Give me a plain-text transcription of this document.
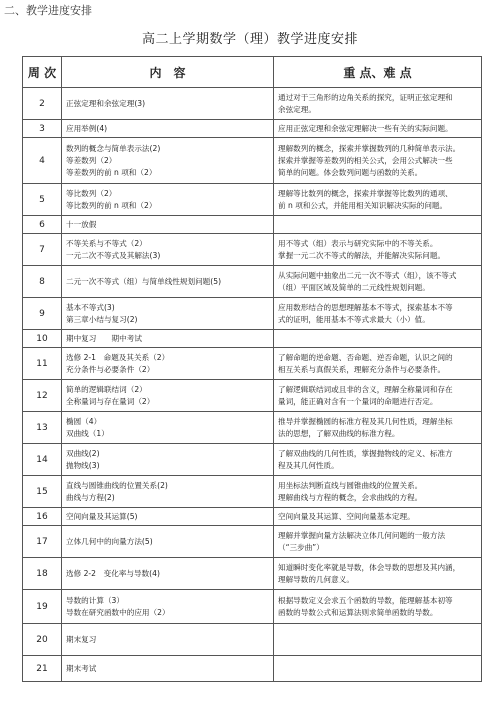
二、教学进度安排
高二上学期数学（理）教学进度安排
周 次	内　容	重 点、难 点
2	正弦定理和余弦定理(3)	通过对于三角形的边角关系的探究，证明正弦定理和
余弦定理。

3	应用举例(4)	应用正弦定理和余弦定理解决一些有关的实际问题。

4	数列的概念与简单表示法(2)
等差数列（2）
等差数列的前 n 项和（2）	理解数列的概念，探索并掌握数列的几种简单表示法。
探索并掌握等差数列的相关公式，会用公式解决一些
简单的问题。体会数列问题与函数的关系。

5	等比数列（2）
等比数列的前 n 项和（2）	理解等比数列的概念，探索并掌握等比数列的通项、
前 n 项和公式，并能用相关知识解决实际的问题。

6	十一放假	

7	不等关系与不等式（2）
一元二次不等式及其解法(3)	用不等式（组）表示与研究实际中的不等关系。
掌握一元二次不等式的解法，并能解决实际问题。

8	二元一次不等式（组）与简单线性规划问题(5)	从实际问题中抽象出二元一次不等式（组），该不等式
（组）平面区域及简单的二元线性规划问题。

9	基本不等式(3)
第三章小结与复习(2)	应用数形结合的思想理解基本不等式，探索基本不等
式的证明，能用基本不等式求最大（小）值。

10	期中复习　　期中考试	

11	选修 2-1　命题及其关系（2）
充分条件与必要条件（2）	了解命题的逆命题、否命题、逆否命题，认识之间的
相互关系与真假关系，理解充分条件与必要条件。

12	简单的逻辑联结词（2）
全称量词与存在量词（2）	了解逻辑联结词或且非的含义，理解全称量词和存在
量词，能正确对含有一个量词的命题进行否定。

13	椭圆（4）
双曲线（1）	推导并掌握椭圆的标准方程及其几何性质，理解坐标
法的思想，了解双曲线的标准方程。

14	双曲线(2)
抛物线(3)	了解双曲线的几何性质，掌握抛物线的定义、标准方
程及其几何性质。

15	直线与圆锥曲线的位置关系(2)
曲线与方程(2)	用坐标法判断直线与圆锥曲线的位置关系。
理解曲线与方程的概念，会求曲线的方程。

16	空间向量及其运算(5)	空间向量及其运算、空间向量基本定理。

17	立体几何中的向量方法(5)	理解并掌握向量方法解决立体几何问题的一般方法
（“三步曲”）

18	选修 2-2　变化率与导数(4)	知道瞬时变化率就是导数，体会导数的思想及其内涵，
理解导数的几何意义。

19	导数的计算（3）
导数在研究函数中的应用（2）	根据导数定义会求五个函数的导数，能理解基本初等
函数的导数公式和运算法则求简单函数的导数。

20	期末复习	

21	期末考试	
